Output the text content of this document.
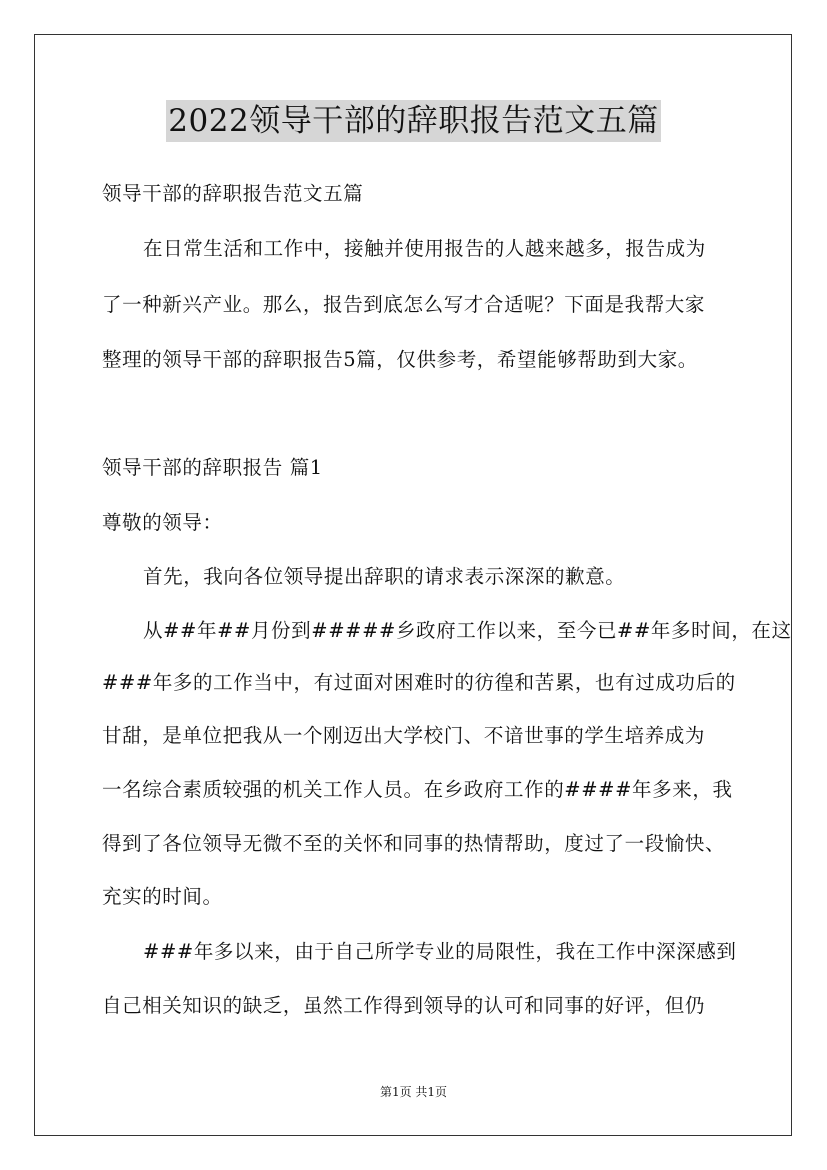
2022领导干部的辞职报告范文五篇
领导干部的辞职报告范文五篇
在日常生活和工作中，接触并使用报告的人越来越多，报告成为
了一种新兴产业。那么，报告到底怎么写才合适呢？下面是我帮大家
整理的领导干部的辞职报告5篇，仅供参考，希望能够帮助到大家。
领导干部的辞职报告 篇1
尊敬的领导：
首先，我向各位领导提出辞职的请求表示深深的歉意。
从##年##月份到#####乡政府工作以来，至今已##年多时间，在这
###年多的工作当中，有过面对困难时的彷徨和苦累，也有过成功后的
甘甜，是单位把我从一个刚迈出大学校门、不谙世事的学生培养成为
一名综合素质较强的机关工作人员。在乡政府工作的####年多来，我
得到了各位领导无微不至的关怀和同事的热情帮助，度过了一段愉快、
充实的时间。
###年多以来，由于自己所学专业的局限性，我在工作中深深感到
自己相关知识的缺乏，虽然工作得到领导的认可和同事的好评，但仍
第1页 共1页
